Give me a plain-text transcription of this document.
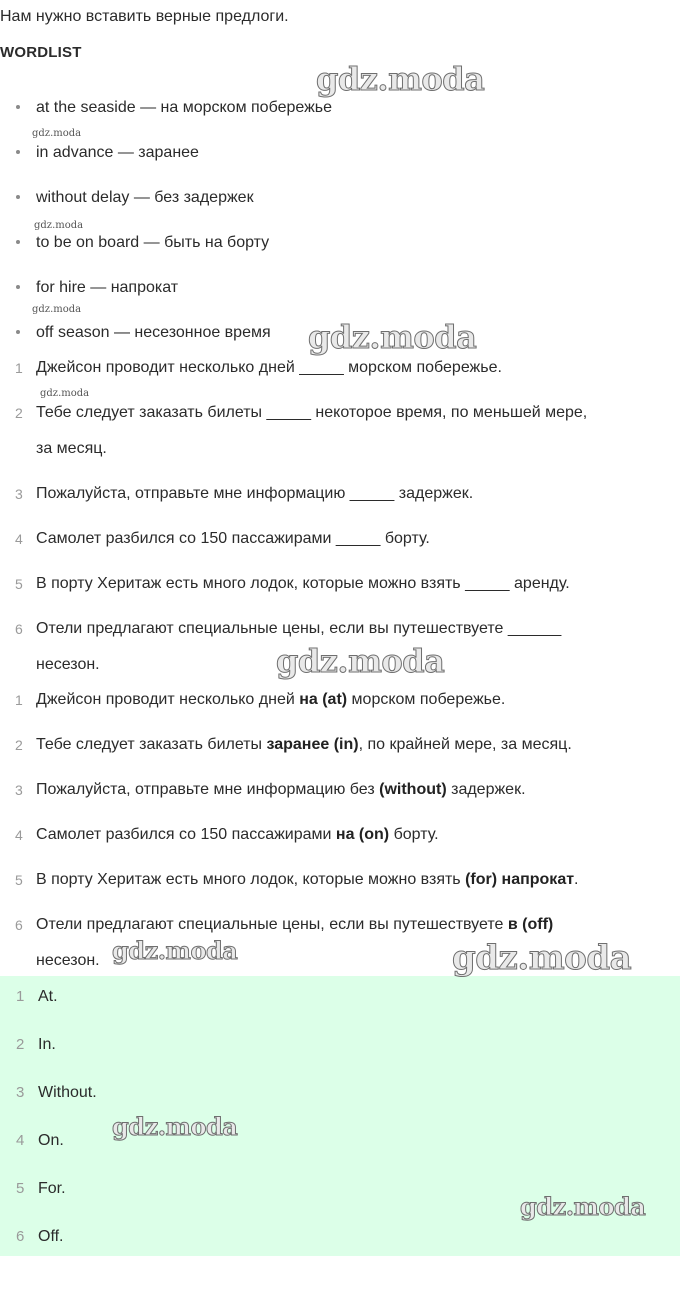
Нам нужно вставить верные предлоги.
WORDLIST
at the seaside — на морском побережье
in advance — заранее
without delay — без задержек
to be on board — быть на борту
for hire — напрокат
off season — несезонное время
1 Джейсон проводит несколько дней _____ морском побережье.
2 Тебе следует заказать билеты _____ некоторое время, по меньшей мере,
за месяц.
3 Пожалуйста, отправьте мне информацию _____ задержек.
4 Самолет разбился со 150 пассажирами _____ борту.
5 В порту Херитаж есть много лодок, которые можно взять _____ аренду.
6 Отели предлагают специальные цены, если вы путешествуете ______
несезон.
1 Джейсон проводит несколько дней на (at) морском побережье.
2 Тебе следует заказать билеты заранее (in), по крайней мере, за месяц.
3 Пожалуйста, отправьте мне информацию без (without) задержек.
4 Самолет разбился со 150 пассажирами на (on) борту.
5 В порту Херитаж есть много лодок, которые можно взять (for) напрокат.
6 Отели предлагают специальные цены, если вы путешествуете в (off)
несезон.
1 At.
2 In.
3 Without.
4 On.
5 For.
6 Off.
gdz.moda
gdz.moda
gdz.moda
gdz.moda
gdz.moda
gdz.moda
gdz.moda
gdz.moda	gdz.moda
gdz.moda
gdz.moda
